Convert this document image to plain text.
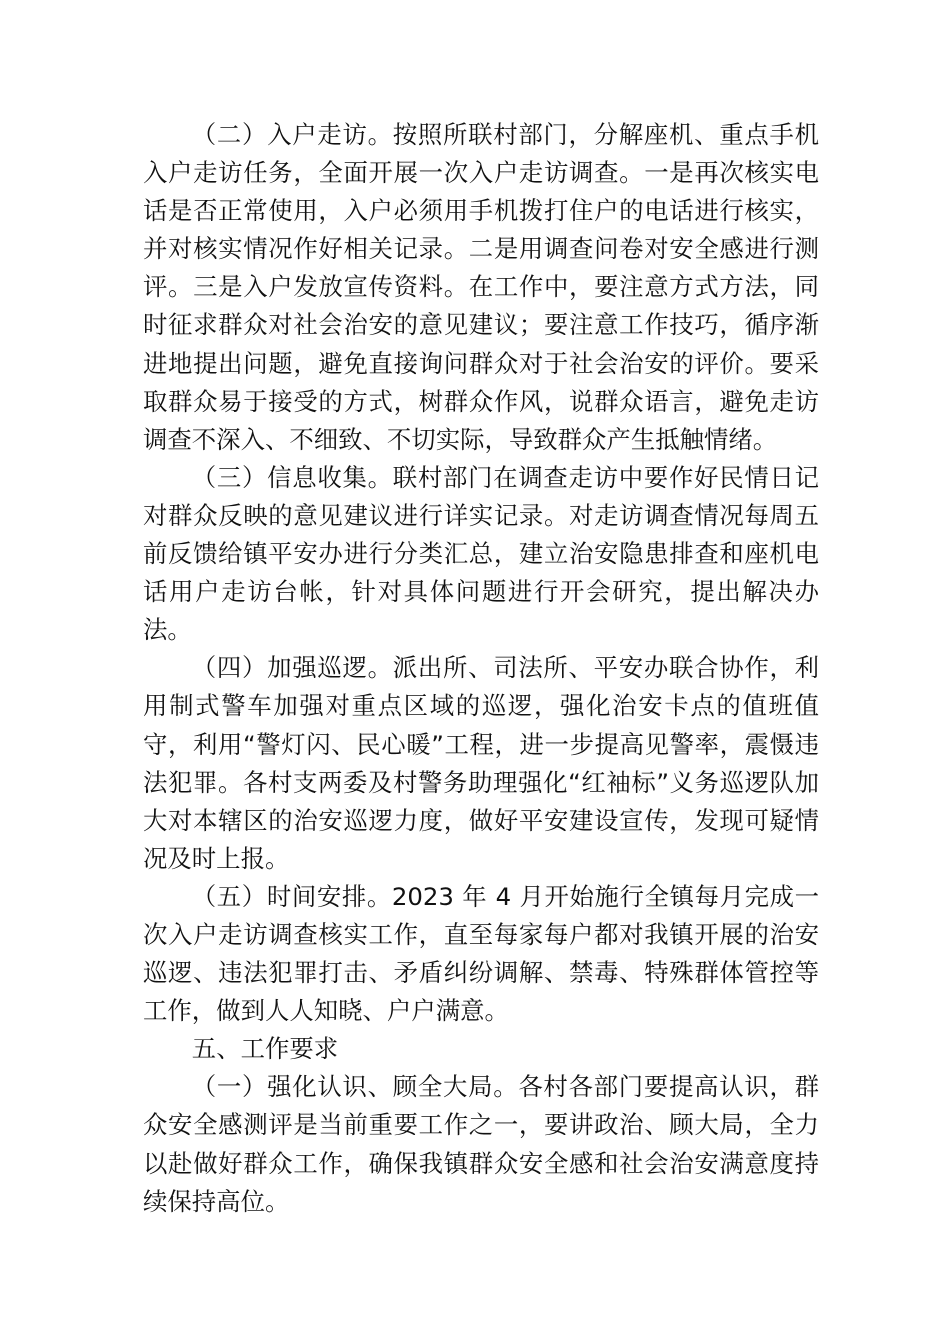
（二）入户走访。按照所联村部门，分解座机、重点手机入户走访任务，全面开展一次入户走访调查。一是再次核实电话是否正常使用，入户必须用手机拨打住户的电话进行核实，并对核实情况作好相关记录。二是用调查问卷对安全感进行测评。三是入户发放宣传资料。在工作中，要注意方式方法，同时征求群众对社会治安的意见建议；要注意工作技巧，循序渐进地提出问题，避免直接询问群众对于社会治安的评价。要采取群众易于接受的方式，树群众作风，说群众语言，避免走访调查不深入、不细致、不切实际，导致群众产生抵触情绪。

（三）信息收集。联村部门在调查走访中要作好民情日记对群众反映的意见建议进行详实记录。对走访调查情况每周五前反馈给镇平安办进行分类汇总，建立治安隐患排查和座机电话用户走访台帐，针对具体问题进行开会研究，提出解决办法。

（四）加强巡逻。派出所、司法所、平安办联合协作，利用制式警车加强对重点区域的巡逻，强化治安卡点的值班值守，利用“警灯闪、民心暖”工程，进一步提高见警率，震慑违法犯罪。各村支两委及村警务助理强化“红袖标”义务巡逻队加大对本辖区的治安巡逻力度，做好平安建设宣传，发现可疑情况及时上报。

（五）时间安排。2023 年 4 月开始施行全镇每月完成一次入户走访调查核实工作，直至每家每户都对我镇开展的治安巡逻、违法犯罪打击、矛盾纠纷调解、禁毒、特殊群体管控等工作，做到人人知晓、户户满意。

五、工作要求

（一）强化认识、顾全大局。各村各部门要提高认识，群众安全感测评是当前重要工作之一，要讲政治、顾大局，全力以赴做好群众工作，确保我镇群众安全感和社会治安满意度持续保持高位。
